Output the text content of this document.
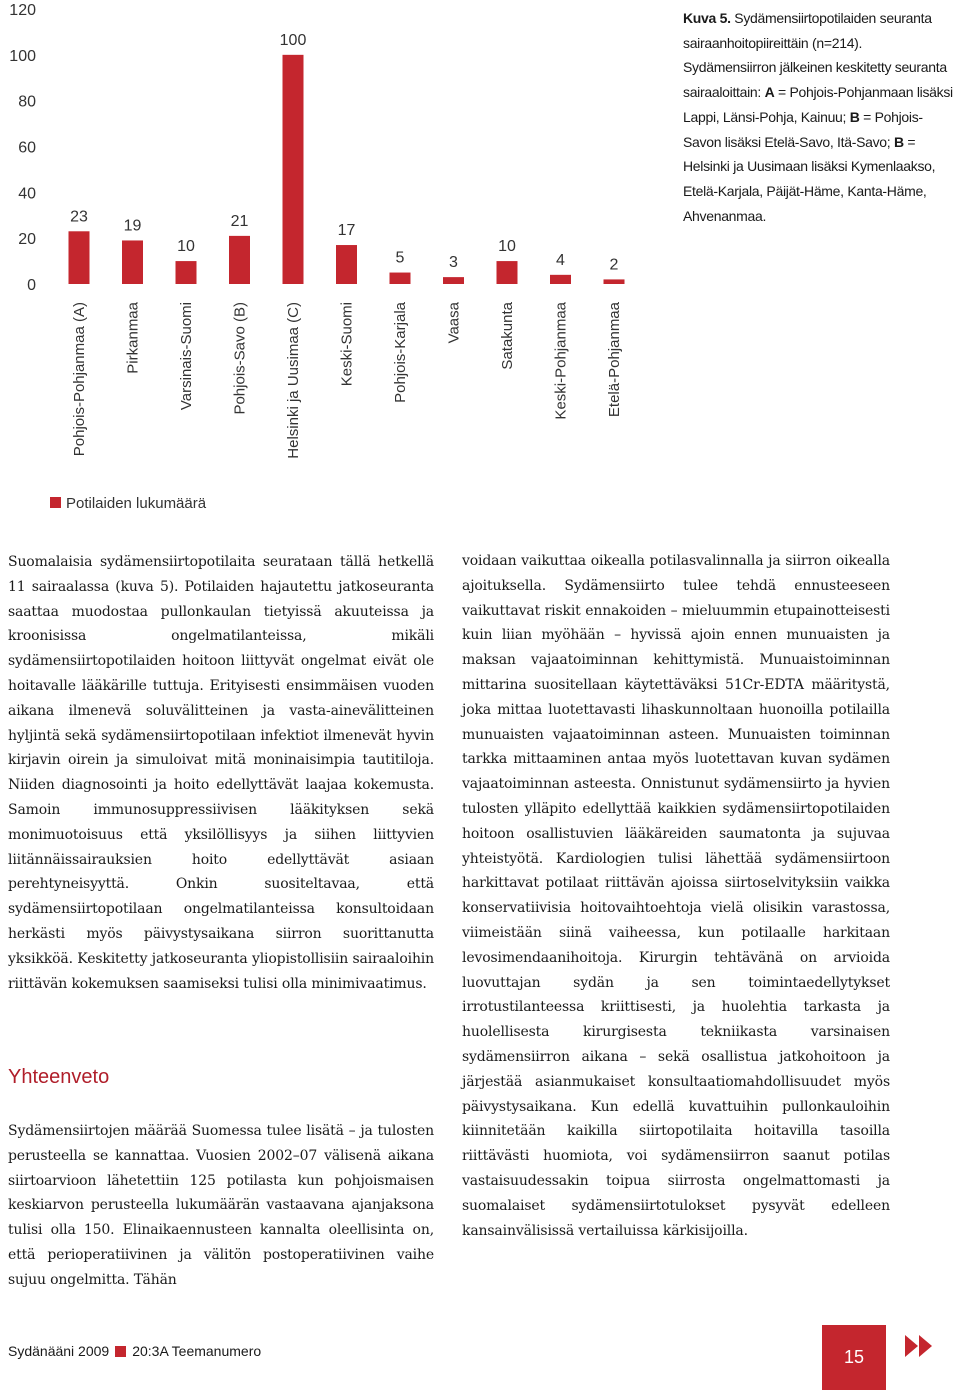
0
20
40
60
80
100
120
23
19
10
21
100
17
5	3
10
4	2
Pohjois-Pohjanmaa (A) Pirkanmaa Varsinais-Suomi Pohjois-Savo (B) Helsinki ja Uusimaa (C) Keski-Suomi Pohjois-Karjala Vaasa Satakunta Keski-Pohjanmaa Etelä-Pohjanmaa
Potilaiden lukumäärä
Kuva 5. Sydämensiirtopotilaiden seuranta sairaanhoitopiireittäin (n=214). Sydämensiirron jälkeinen keskitetty seuranta sairaaloittain: A = Pohjois-Pohjanmaan lisäksi Lappi, Länsi-Pohja, Kainuu; B = Pohjois-Savon lisäksi Etelä-Savo, Itä-Savo; B = Helsinki ja Uusimaan lisäksi Kymenlaakso, Etelä-Karjala, Päijät-Häme, Kanta-Häme, Ahvenanmaa.

Suomalaisia sydämensiirtopotilaita seurataan tällä hetkellä 11 sairaalassa (kuva 5). Potilaiden hajautettu jatkoseuranta saattaa muodostaa pullonkaulan tietyissä akuuteissa ja kroonisissa ongelmatilanteissa, mikäli sydämensiirtopotilaiden hoitoon liittyvät ongelmat eivät ole hoitavalle lääkärille tuttuja. Erityisesti ensimmäisen vuoden aikana ilmenevä soluvälitteinen ja vasta-ainevälitteinen hyljintä sekä sydämensiirtopotilaan infektiot ilmenevät hyvin kirjavin oirein ja simuloivat mitä moninaisimpia tautitiloja. Niiden diagnosointi ja hoito edellyttävät laajaa kokemusta. Samoin immunosuppressiivisen lääkityksen sekä monimuotoisuus että yksilöllisyys ja siihen liittyvien liitännäissairauksien hoito edellyttävät asiaan perehtyneisyyttä. Onkin suositeltavaa, että sydämensiirtopotilaan ongelmatilanteissa konsultoidaan herkästi myös päivystysaikana siirron suorittanutta yksikköä. Keskitetty jatkoseuranta yliopistollisiin sairaaloihin riittävän kokemuksen saamiseksi tulisi olla minimivaatimus.

Yhteenveto

Sydämensiirtojen määrää Suomessa tulee lisätä – ja tulosten perusteella se kannattaa. Vuosien 2002–07 välisenä aikana siirtoarvioon lähetettiin 125 potilasta kun pohjoismaisen keskiarvon perusteella lukumäärän vastaavana ajanjaksona tulisi olla 150. Elinaikaennusteen kannalta oleellisinta on, että perioperatiivinen ja välitön postoperatiivinen vaihe sujuu ongelmitta. Tähän

voidaan vaikuttaa oikealla potilasvalinnalla ja siirron oikealla ajoituksella. Sydämensiirto tulee tehdä ennusteeseen vaikuttavat riskit ennakoiden – mieluummin etupainotteisesti kuin liian myöhään – hyvissä ajoin ennen munuaisten ja maksan vajaatoiminnan kehittymistä. Munuaistoiminnan mittarina suositellaan käytettäväksi 51Cr-EDTA määritystä, joka mittaa luotettavasti lihaskunnoltaan huonoilla potilailla munuaisten vajaatoiminnan asteen. Munuaisten toiminnan tarkka mittaaminen antaa myös luotettavan kuvan sydämen vajaatoiminnan asteesta. Onnistunut sydämensiirto ja hyvien tulosten ylläpito edellyttää kaikkien sydämensiirtopotilaiden hoitoon osallistuvien lääkäreiden saumatonta ja sujuvaa yhteistyötä. Kardiologien tulisi lähettää sydämensiirtoon harkittavat potilaat riittävän ajoissa siirtoselvityksiin vaikka konservatiivisia hoitovaihtoehtoja vielä olisikin varastossa, viimeistään siinä vaiheessa, kun potilaalle harkitaan levosimendaanihoitoja. Kirurgin tehtävänä on arvioida luovuttajan sydän ja sen toimintaedellytykset irrotustilanteessa kriittisesti, ja huolehtia tarkasta ja huolellisesta kirurgisesta tekniikasta varsinaisen sydämensiirron aikana – sekä osallistua jatkohoitoon ja järjestää asianmukaiset konsultaatiomahdollisuudet myös päivystysaikana. Kun edellä kuvattuihin pullonkauloihin kiinnitetään kaikilla siirtopotilaita hoitavilla tasoilla riittävästi huomiota, voi sydämensiirron saanut potilas vastaisuudessakin toipua siirrosta ongelmattomasti ja suomalaiset sydämensiirtotulokset pysyvät edelleen kansainvälisissä vertailuissa kärkisijoilla.

Sydänääni 2009 20:3A Teemanumero	15
